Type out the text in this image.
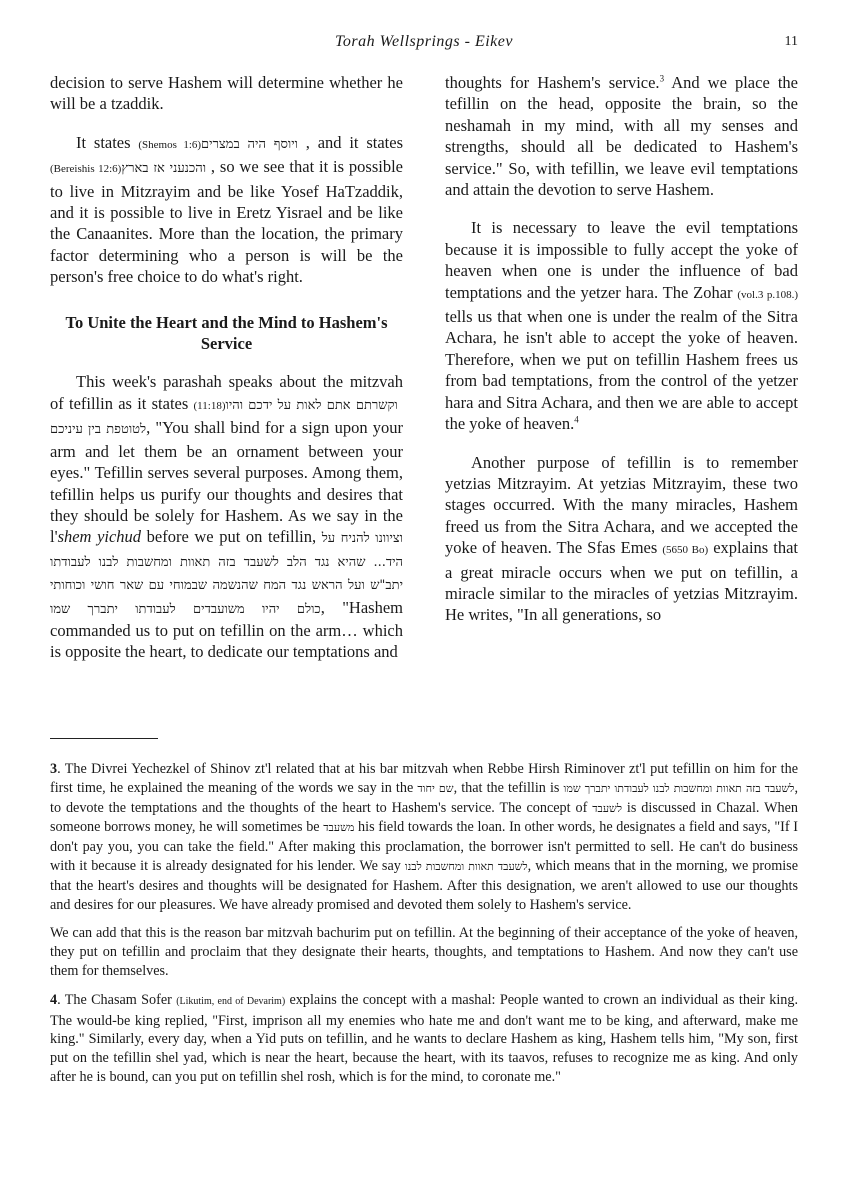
Torah Wellsprings - Eikev	11

decision to serve Hashem will determine whether he will be a tzaddik.

It states (Shemos 1:6) ויוסף היה במצרים, and it states (Bereishis 12:6) והכנעני אז בארץ, so we see that it is possible to live in Mitzrayim and be like Yosef HaTzaddik, and it is possible to live in Eretz Yisrael and be like the Canaanites. More than the location, the primary factor determining who a person is will be the person's free choice to do what's right.

To Unite the Heart and the Mind to Hashem's Service

This week's parashah speaks about the mitzvah of tefillin as it states (11:18) וקשרתם אתם לאות על ידכם והיו לטוטפת בין עיניכם, "You shall bind for a sign upon your arm and let them be an ornament between your eyes." Tefillin serves several purposes. Among them, tefillin helps us purify our thoughts and desires that they should be solely for Hashem. As we say in the l'shem yichud before we put on tefillin, וציוונו להניח על היד... שהיא נגד הלב לשעבד בזה תאוות ומחשבות לבנו לעבודתו יתב"ש ועל הראש נגד המח שהנשמה שבמוחי עם שאר חושי וכוחותי כולם יהיו משועבדים לעבודתו יתברך שמו, "Hashem commanded us to put on tefillin on the arm… which is opposite the heart, to dedicate our temptations and

thoughts for Hashem's service.$^3$ And we place the tefillin on the head, opposite the brain, so the neshamah in my mind, with all my senses and strengths, should all be dedicated to Hashem's service." So, with tefillin, we leave evil temptations and attain the devotion to serve Hashem.

It is necessary to leave the evil temptations because it is impossible to fully accept the yoke of heaven when one is under the influence of bad temptations and the yetzer hara. The Zohar (vol.3 p.108.) tells us that when one is under the realm of the Sitra Achara, he isn't able to accept the yoke of heaven. Therefore, when we put on tefillin Hashem frees us from bad temptations, from the control of the yetzer hara and Sitra Achara, and then we are able to accept the yoke of heaven.$^4$

Another purpose of tefillin is to remember yetzias Mitzrayim. At yetzias Mitzrayim, these two stages occurred. With the many miracles, Hashem freed us from the Sitra Achara, and we accepted the yoke of heaven. The Sfas Emes (5650 Bo) explains that a great miracle occurs when we put on tefillin, a miracle similar to the miracles of yetzias Mitzrayim. He writes, "In all generations, so

3. The Divrei Yechezkel of Shinov zt'l related that at his bar mitzvah when Rebbe Hirsh Riminover zt'l put tefillin on him for the first time, he explained the meaning of the words we say in the שם יחוד, that the tefillin is לשעבד בזה תאוות ומחשבות לבנו לעבודתו יתברך שמו, to devote the temptations and the thoughts of the heart to Hashem's service. The concept of לשעבד is discussed in Chazal. When someone borrows money, he will sometimes be משעבד his field towards the loan. In other words, he designates a field and says, "If I don't pay you, you can take the field." After making this proclamation, the borrower isn't permitted to sell. He can't do business with it because it is already designated for his lender. We say לשעבד תאוות ומחשבות לבנו, which means that in the morning, we promise that the heart's desires and thoughts will be designated for Hashem. After this designation, we aren't allowed to use our thoughts and desires for our pleasures. We have already promised and devoted them solely to Hashem's service.

We can add that this is the reason bar mitzvah bachurim put on tefillin. At the beginning of their acceptance of the yoke of heaven, they put on tefillin and proclaim that they designate their hearts, thoughts, and temptations to Hashem. And now they can't use them for themselves.

4. The Chasam Sofer (Likutim, end of Devarim) explains the concept with a mashal: People wanted to crown an individual as their king. The would-be king replied, "First, imprison all my enemies who hate me and don't want me to be king, and afterward, make me king." Similarly, every day, when a Yid puts on tefillin, and he wants to declare Hashem as king, Hashem tells him, "My son, first put on the tefillin shel yad, which is near the heart, because the heart, with its taavos, refuses to recognize me as king. And only after he is bound, can you put on tefillin shel rosh, which is for the mind, to coronate me."
